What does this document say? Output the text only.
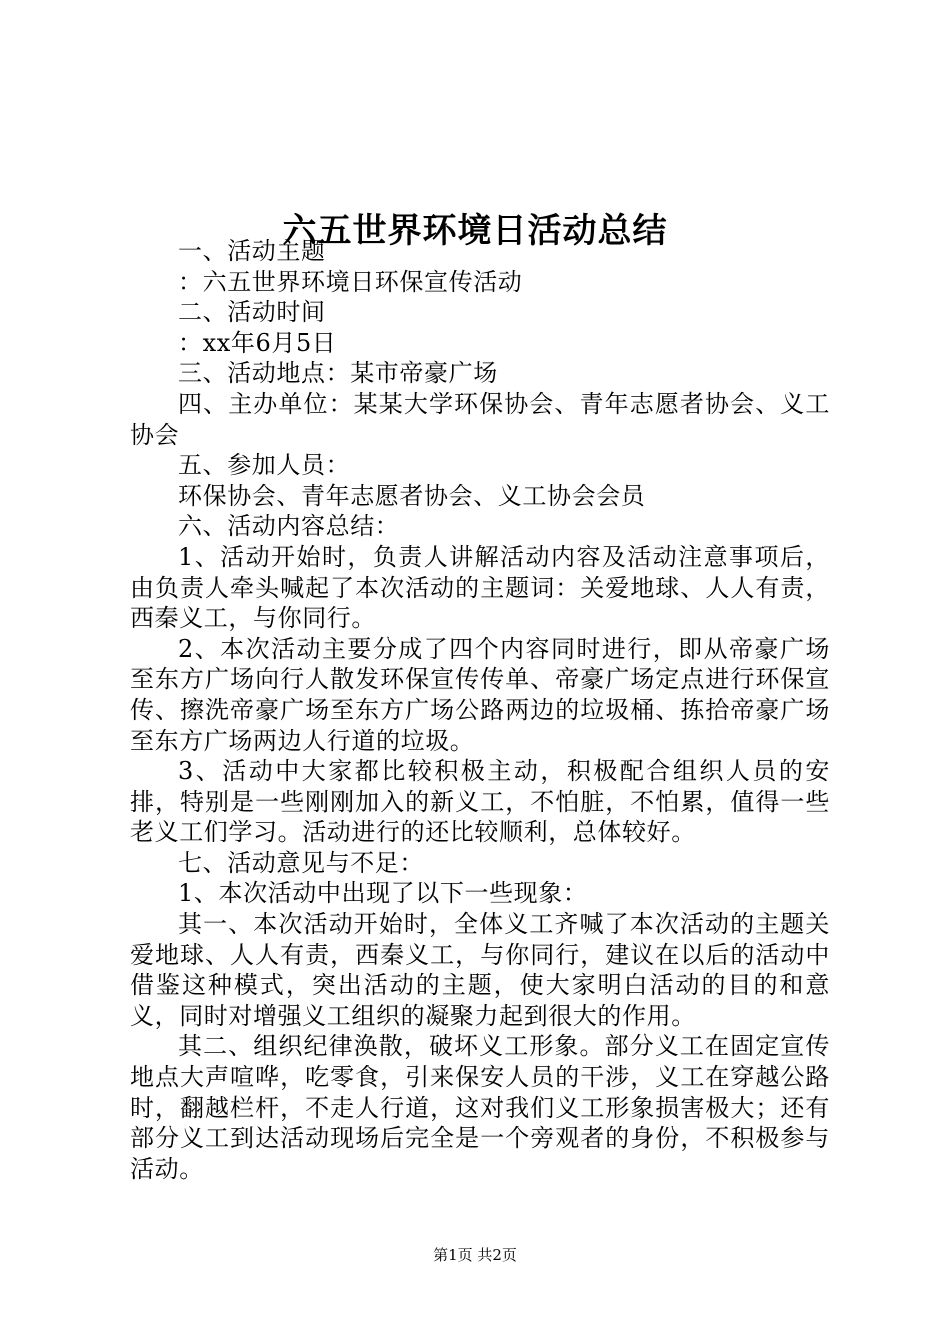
六五世界环境日活动总结

一、活动主题

：六五世界环境日环保宣传活动

二、活动时间

：xx年6月5日

三、活动地点：某市帝豪广场

四、主办单位：某某大学环保协会、青年志愿者协会、义工协会

五、参加人员：

环保协会、青年志愿者协会、义工协会会员

六、活动内容总结：

1、活动开始时，负责人讲解活动内容及活动注意事项后，由负责人牵头喊起了本次活动的主题词：关爱地球、人人有责，西秦义工，与你同行。

2、本次活动主要分成了四个内容同时进行，即从帝豪广场至东方广场向行人散发环保宣传传单、帝豪广场定点进行环保宣传、擦洗帝豪广场至东方广场公路两边的垃圾桶、拣拾帝豪广场至东方广场两边人行道的垃圾。

3、活动中大家都比较积极主动，积极配合组织人员的安排，特别是一些刚刚加入的新义工，不怕脏，不怕累，值得一些老义工们学习。活动进行的还比较顺利，总体较好。

七、活动意见与不足：

1、本次活动中出现了以下一些现象：

其一、本次活动开始时，全体义工齐喊了本次活动的主题关爱地球、人人有责，西秦义工，与你同行，建议在以后的活动中借鉴这种模式，突出活动的主题，使大家明白活动的目的和意义，同时对增强义工组织的凝聚力起到很大的作用。

其二、组织纪律涣散，破坏义工形象。部分义工在固定宣传地点大声喧哗，吃零食，引来保安人员的干涉，义工在穿越公路时，翻越栏杆，不走人行道，这对我们义工形象损害极大；还有部分义工到达活动现场后完全是一个旁观者的身份，不积极参与活动。

第1页 共2页
